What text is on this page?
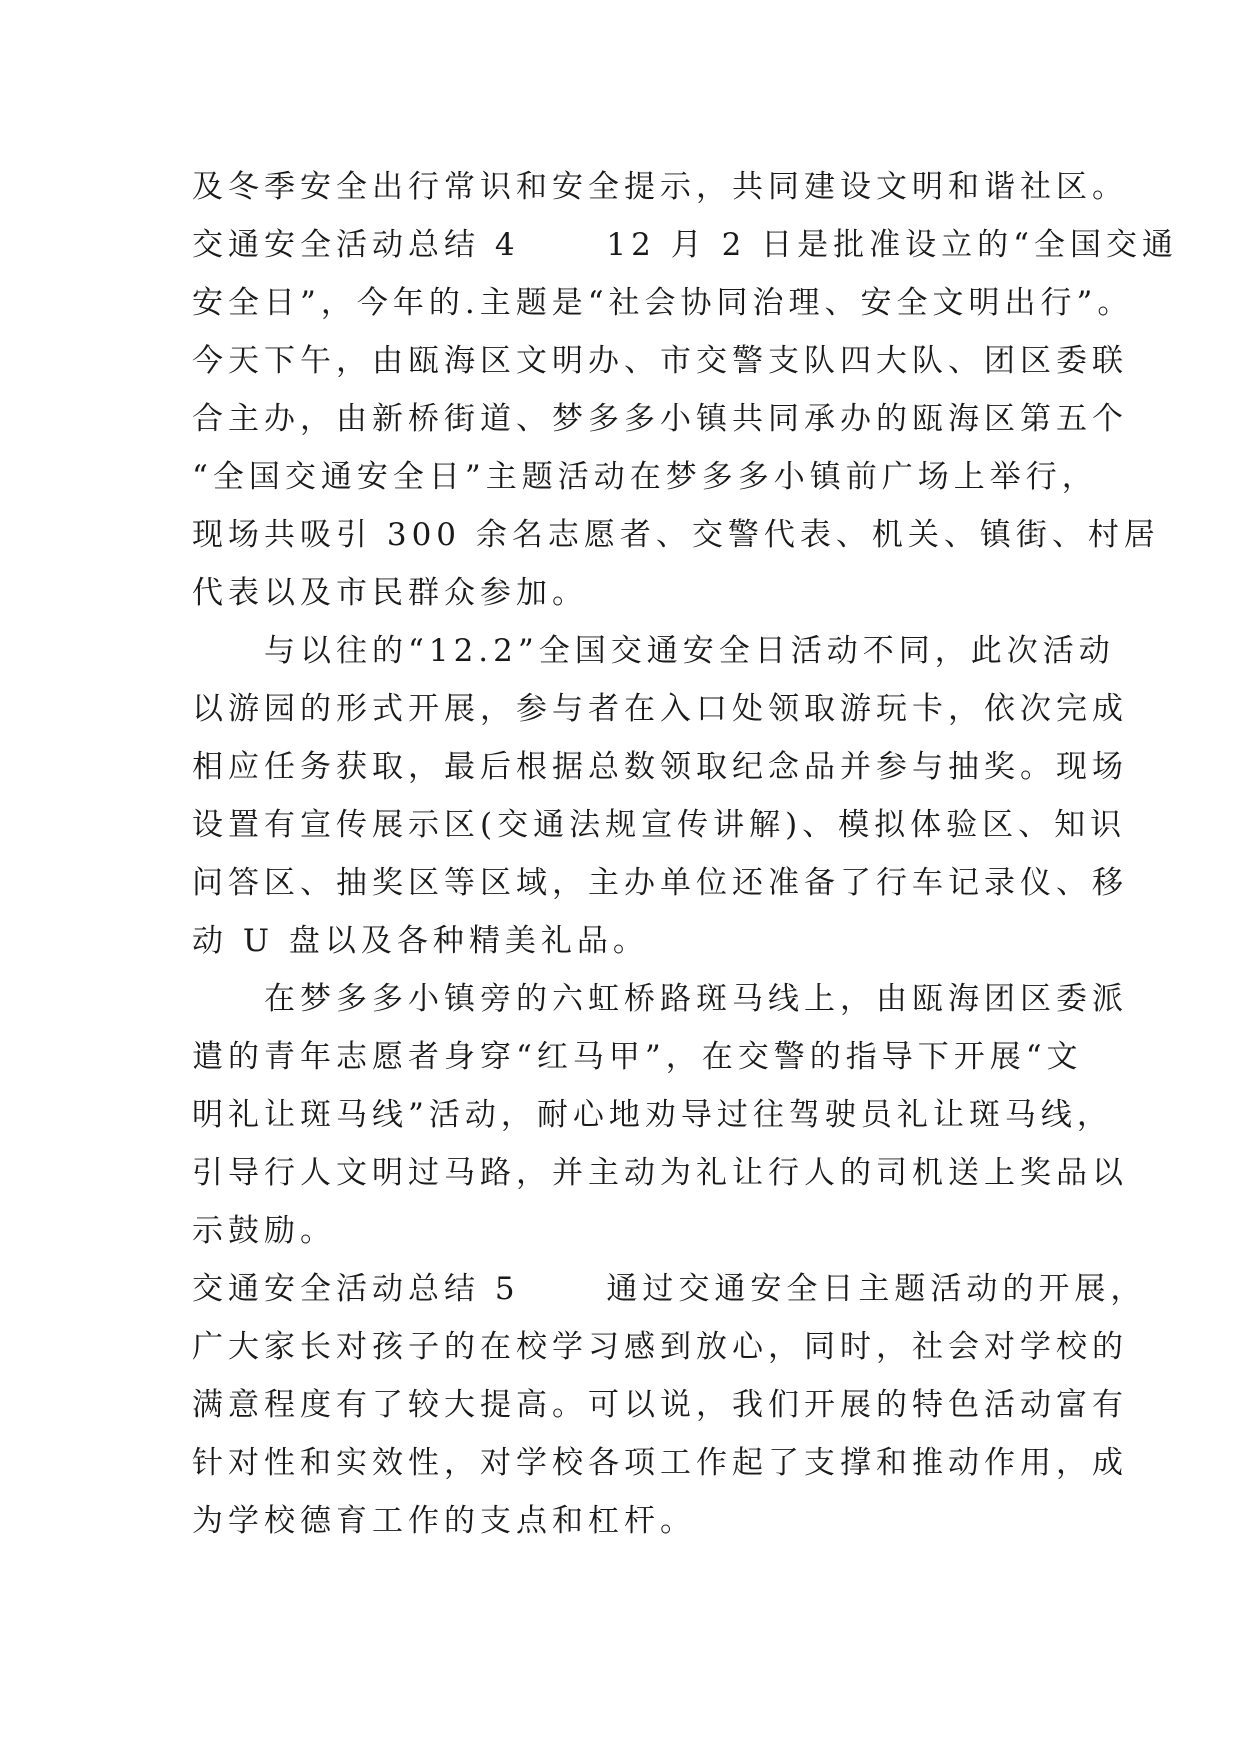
及冬季安全出行常识和安全提示，共同建设文明和谐社区。
交通安全活动总结 4　　 12 月 2 日是批准设立的“全国交通
安全日”，今年的.主题是“社会协同治理、安全文明出行”。
今天下午，由瓯海区文明办、市交警支队四大队、团区委联
合主办，由新桥街道、梦多多小镇共同承办的瓯海区第五个
“全国交通安全日”主题活动在梦多多小镇前广场上举行，
现场共吸引 300 余名志愿者、交警代表、机关、镇街、村居
代表以及市民群众参加。
　　与以往的“12.2”全国交通安全日活动不同，此次活动
以游园的形式开展，参与者在入口处领取游玩卡，依次完成
相应任务获取，最后根据总数领取纪念品并参与抽奖。现场
设置有宣传展示区(交通法规宣传讲解)、模拟体验区、知识
问答区、抽奖区等区域，主办单位还准备了行车记录仪、移
动 U 盘以及各种精美礼品。
　　在梦多多小镇旁的六虹桥路斑马线上，由瓯海团区委派
遣的青年志愿者身穿“红马甲”，在交警的指导下开展“文
明礼让斑马线”活动，耐心地劝导过往驾驶员礼让斑马线，
引导行人文明过马路，并主动为礼让行人的司机送上奖品以
示鼓励。
交通安全活动总结 5　　 通过交通安全日主题活动的开展，
广大家长对孩子的在校学习感到放心，同时，社会对学校的
满意程度有了较大提高。可以说，我们开展的特色活动富有
针对性和实效性，对学校各项工作起了支撑和推动作用，成
为学校德育工作的支点和杠杆。
